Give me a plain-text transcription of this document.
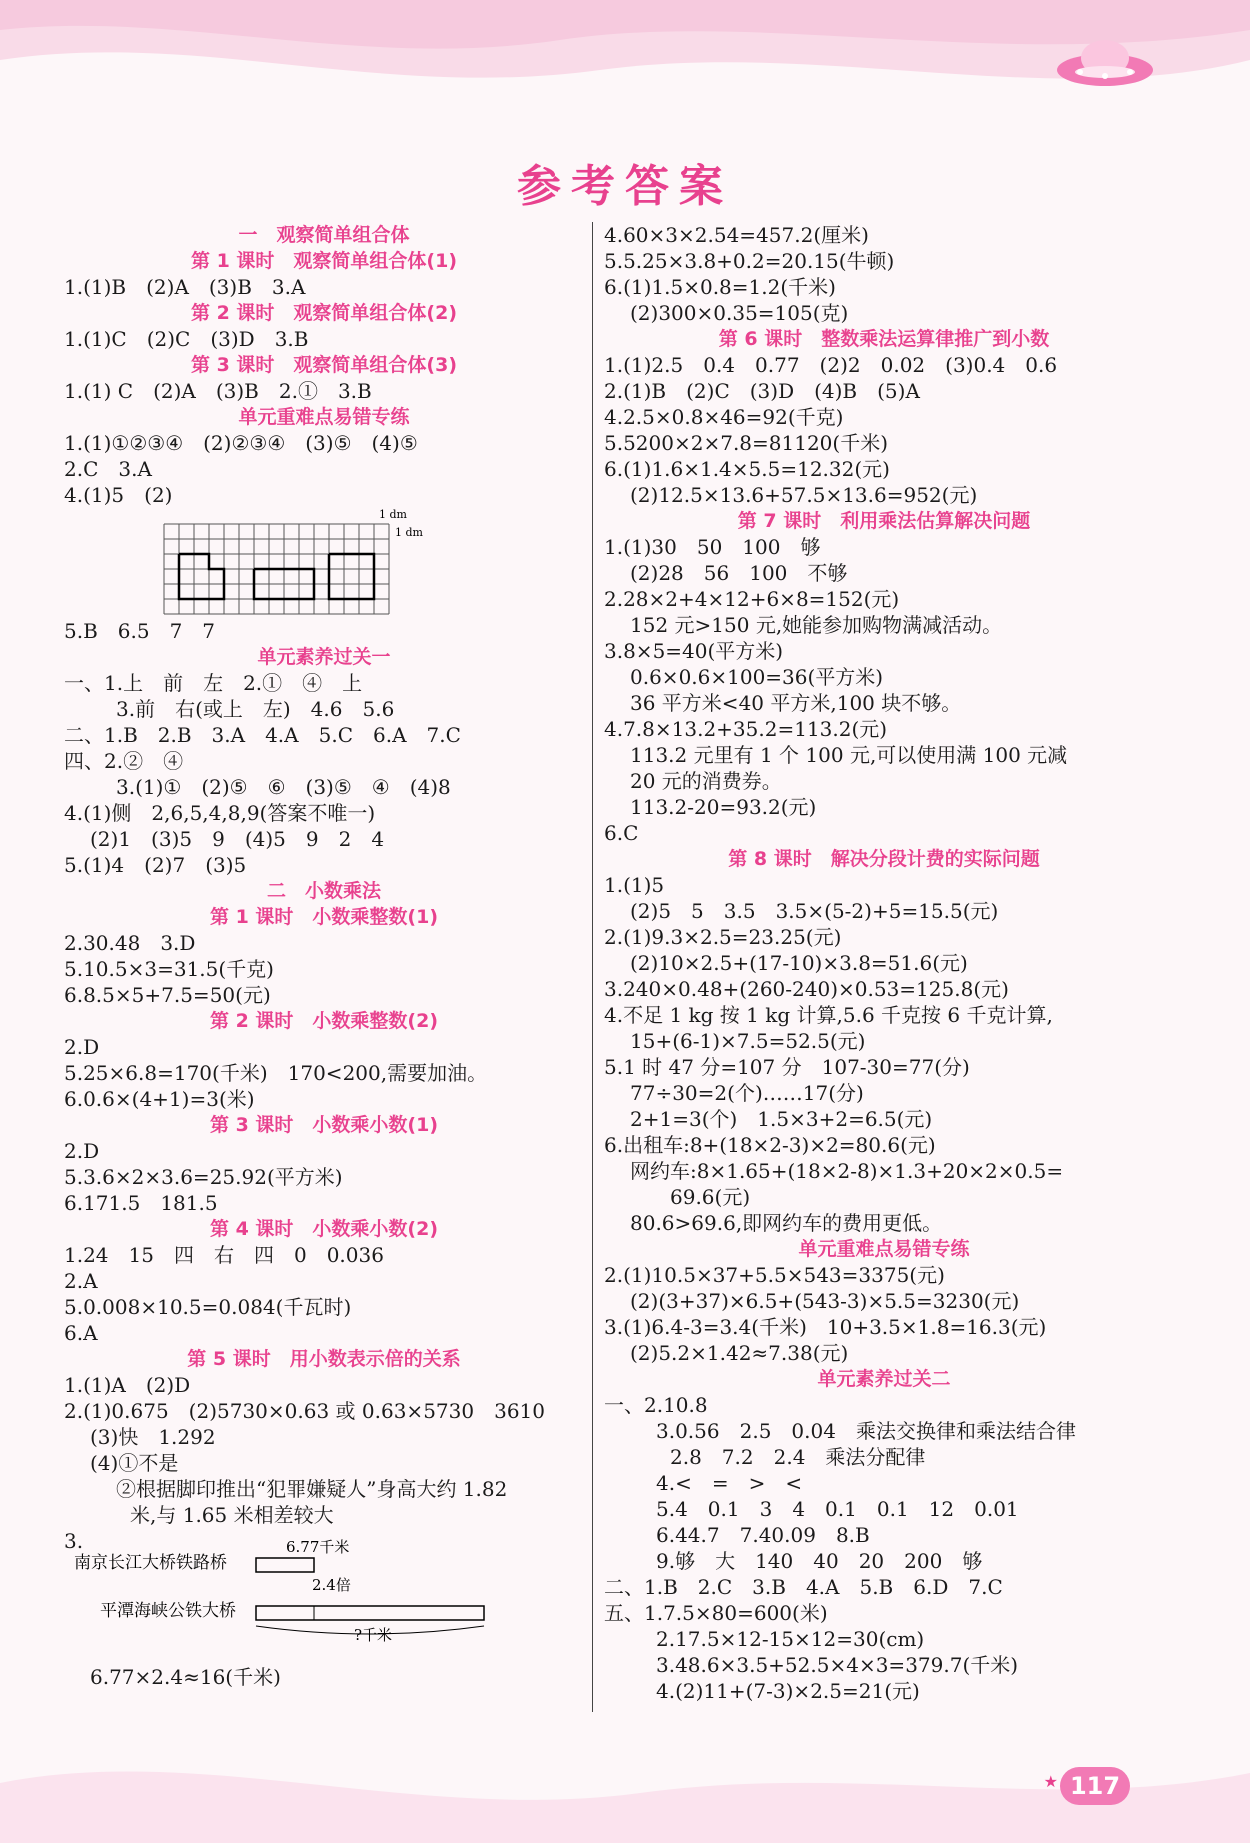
参考答案
一　观察简单组合体
第 1 课时　观察简单组合体(1)
1.(1)B　(2)A　(3)B　3.A
第 2 课时　观察简单组合体(2)
1.(1)C　(2)C　(3)D　3.B
第 3 课时　观察简单组合体(3)
1.(1) C　(2)A　(3)B　2.①　3.B
单元重难点易错专练
1.(1)①②③④　(2)②③④　(3)⑤　(4)⑤
2.C　3.A
4.(1)5　(2)
1 dm
1 dm
5.B　6.5　7　7
单元素养过关一
一、1.上　前　左　2.①　④　上
3.前　右(或上　左)　4.6　5.6
二、1.B　2.B　3.A　4.A　5.C　6.A　7.C
四、2.②　④
3.(1)①　(2)⑤　⑥　(3)⑤　④　(4)8
4.(1)侧　2,6,5,4,8,9(答案不唯一)
(2)1　(3)5　9　(4)5　9　2　4
5.(1)4　(2)7　(3)5
二　小数乘法
第 1 课时　小数乘整数(1)
2.30.48　3.D
5.10.5×3=31.5(千克)
6.8.5×5+7.5=50(元)
第 2 课时　小数乘整数(2)
2.D
5.25×6.8=170(千米)　170<200,需要加油。
6.0.6×(4+1)=3(米)
第 3 课时　小数乘小数(1)
2.D
5.3.6×2×3.6=25.92(平方米)
6.171.5　181.5
第 4 课时　小数乘小数(2)
1.24　15　四　右　四　0　0.036
2.A
5.0.008×10.5=0.084(千瓦时)
6.A
第 5 课时　用小数表示倍的关系
1.(1)A　(2)D
2.(1)0.675　(2)5730×0.63 或 0.63×5730　3610
(3)快　1.292
(4)①不是
②根据脚印推出“犯罪嫌疑人”身高大约 1.82
米,与 1.65 米相差较大
3.
南京长江大桥铁路桥
6.77千米
2.4倍
平潭海峡公铁大桥
?千米
6.77×2.4≈16(千米)
4.60×3×2.54=457.2(厘米)
5.5.25×3.8+0.2=20.15(牛顿)
6.(1)1.5×0.8=1.2(千米)
(2)300×0.35=105(克)
第 6 课时　整数乘法运算律推广到小数
1.(1)2.5　0.4　0.77　(2)2　0.02　(3)0.4　0.6
2.(1)B　(2)C　(3)D　(4)B　(5)A
4.2.5×0.8×46=92(千克)
5.5200×2×7.8=81120(千米)
6.(1)1.6×1.4×5.5=12.32(元)
(2)12.5×13.6+57.5×13.6=952(元)
第 7 课时　利用乘法估算解决问题
1.(1)30　50　100　够
(2)28　56　100　不够
2.28×2+4×12+6×8=152(元)
152 元>150 元,她能参加购物满减活动。
3.8×5=40(平方米)
0.6×0.6×100=36(平方米)
36 平方米<40 平方米,100 块不够。
4.7.8×13.2+35.2=113.2(元)
113.2 元里有 1 个 100 元,可以使用满 100 元减
20 元的消费券。
113.2-20=93.2(元)
6.C
第 8 课时　解决分段计费的实际问题
1.(1)5
(2)5　5　3.5　3.5×(5-2)+5=15.5(元)
2.(1)9.3×2.5=23.25(元)
(2)10×2.5+(17-10)×3.8=51.6(元)
3.240×0.48+(260-240)×0.53=125.8(元)
4.不足 1 kg 按 1 kg 计算,5.6 千克按 6 千克计算,
15+(6-1)×7.5=52.5(元)
5.1 时 47 分=107 分　107-30=77(分)
77÷30=2(个)……17(分)
2+1=3(个)　1.5×3+2=6.5(元)
6.出租车:8+(18×2-3)×2=80.6(元)
网约车:8×1.65+(18×2-8)×1.3+20×2×0.5=
69.6(元)
80.6>69.6,即网约车的费用更低。
单元重难点易错专练
2.(1)10.5×37+5.5×543=3375(元)
(2)(3+37)×6.5+(543-3)×5.5=3230(元)
3.(1)6.4-3=3.4(千米)　10+3.5×1.8=16.3(元)
(2)5.2×1.42≈7.38(元)
单元素养过关二
一、2.10.8
3.0.56　2.5　0.04　乘法交换律和乘法结合律
2.8　7.2　2.4　乘法分配律
4.<　=　>　<
5.4　0.1　3　4　0.1　0.1　12　0.01
6.44.7　7.40.09　8.B
9.够　大　140　40　20　200　够
二、1.B　2.C　3.B　4.A　5.B　6.D　7.C
五、1.7.5×80=600(米)
2.17.5×12-15×12=30(cm)
3.48.6×3.5+52.5×4×3=379.7(千米)
4.(2)11+(7-3)×2.5=21(元)
★ 117
